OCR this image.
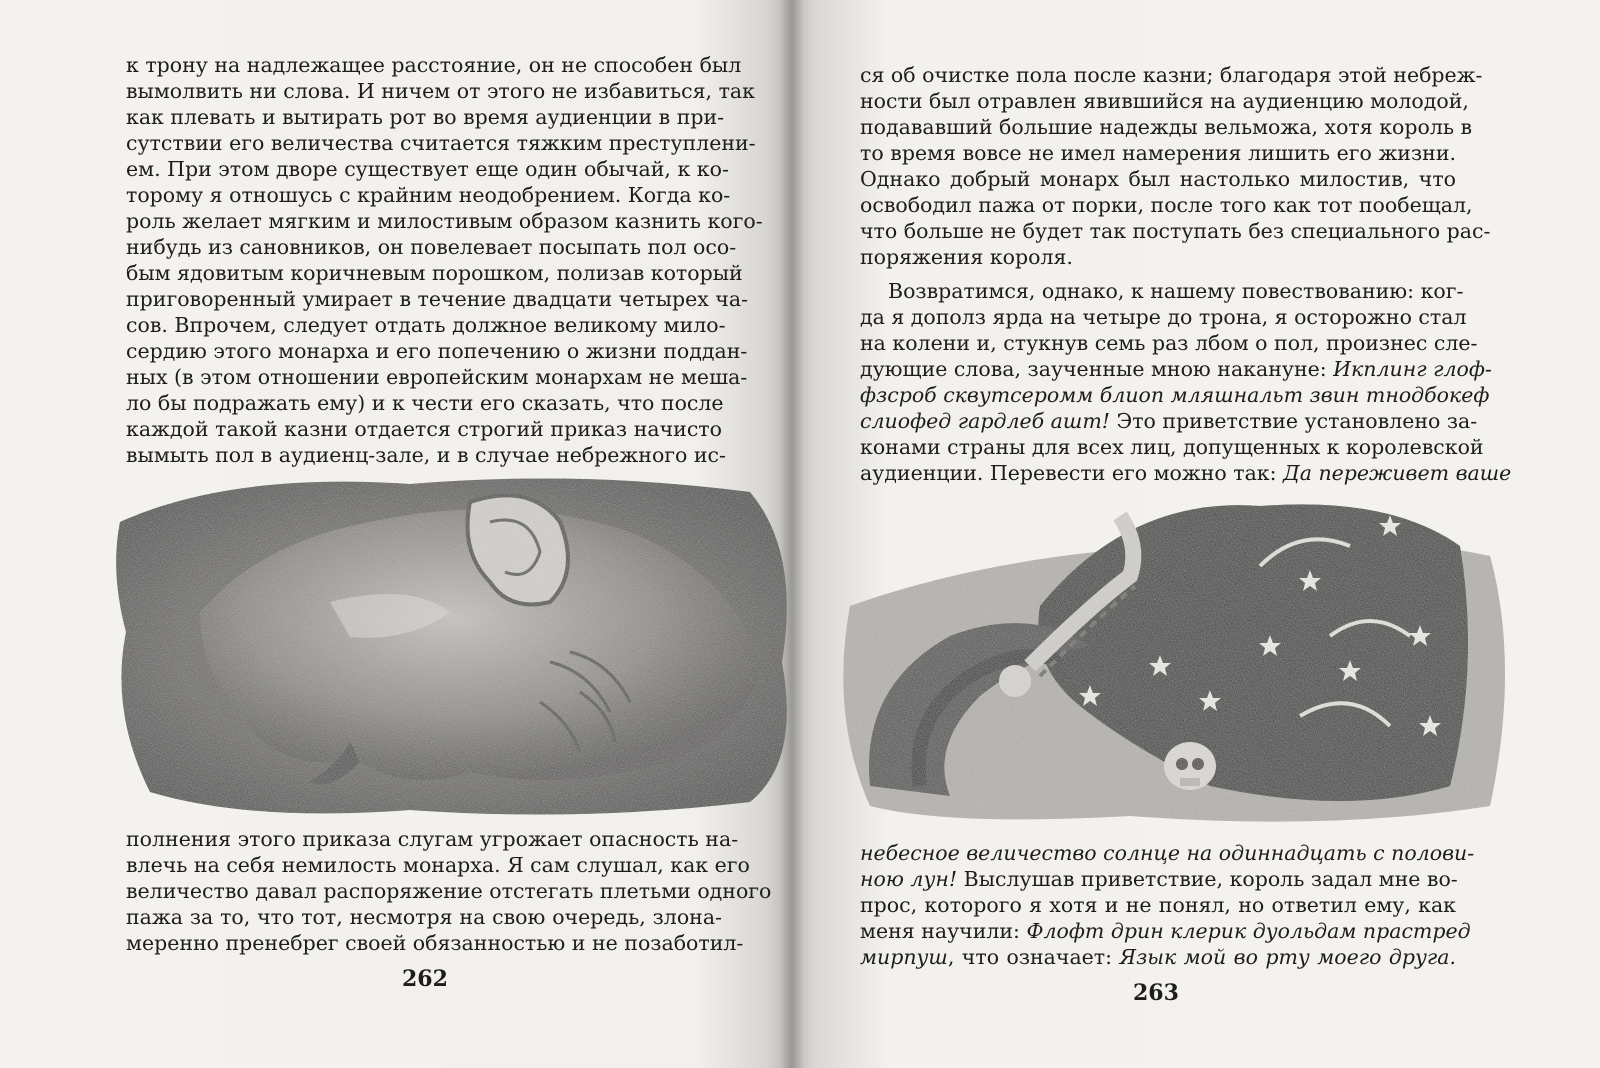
к трону на надлежащее расстояние, он не способен был
вымолвить ни слова. И ничем от этого не избавиться, так
как плевать и вытирать рот во время аудиенции в при-
сутствии его величества считается тяжким преступлени-
ем. При этом дворе существует еще один обычай, к ко-
торому я отношусь с крайним неодобрением. Когда ко-
роль желает мягким и милостивым образом казнить кого-
нибудь из сановников, он повелевает посыпать пол осо-
бым ядовитым коричневым порошком, полизав который
приговоренный умирает в течение двадцати четырех ча-
сов. Впрочем, следует отдать должное великому мило-
сердию этого монарха и его попечению о жизни поддан-
ных (в этом отношении европейским монархам не меша-
ло бы подражать ему) и к чести его сказать, что после
каждой такой казни отдается строгий приказ начисто
вымыть пол в аудиенц-зале, и в случае небрежного ис-
полнения этого приказа слугам угрожает опасность на-
влечь на себя немилость монарха. Я сам слушал, как его
величество давал распоряжение отстегать плетьми одного
пажа за то, что тот, несмотря на свою очередь, злона-
меренно пренебрег своей обязанностью и не позаботил-
262
ся об очистке пола после казни; благодаря этой небреж-
ности был отравлен явившийся на аудиенцию молодой,
подававший большие надежды вельможа, хотя король в
то время вовсе не имел намерения лишить его жизни.
Однако добрый монарх был настолько милостив, что
освободил пажа от порки, после того как тот пообещал,
что больше не будет так поступать без специального рас-
поряжения короля.
Возвратимся, однако, к нашему повествованию: ког-
да я дополз ярда на четыре до трона, я осторожно стал
на колени и, стукнув семь раз лбом о пол, произнес сле-
дующие слова, заученные мною накануне: Икплинг глоф-
фзсроб сквутсеромм блиоп мляшнальт звин тнодбокеф
слиофед гардлеб ашт! Это приветствие установлено за-
конами страны для всех лиц, допущенных к королевской
аудиенции. Перевести его можно так: Да переживет ваше
небесное величество солнце на одиннадцать с полови-
ною лун! Выслушав приветствие, король задал мне во-
прос, которого я хотя и не понял, но ответил ему, как
меня научили: Флофт дрин клерик дуольдам прастред
мирпуш, что означает: Язык мой во рту моего друга.
263
